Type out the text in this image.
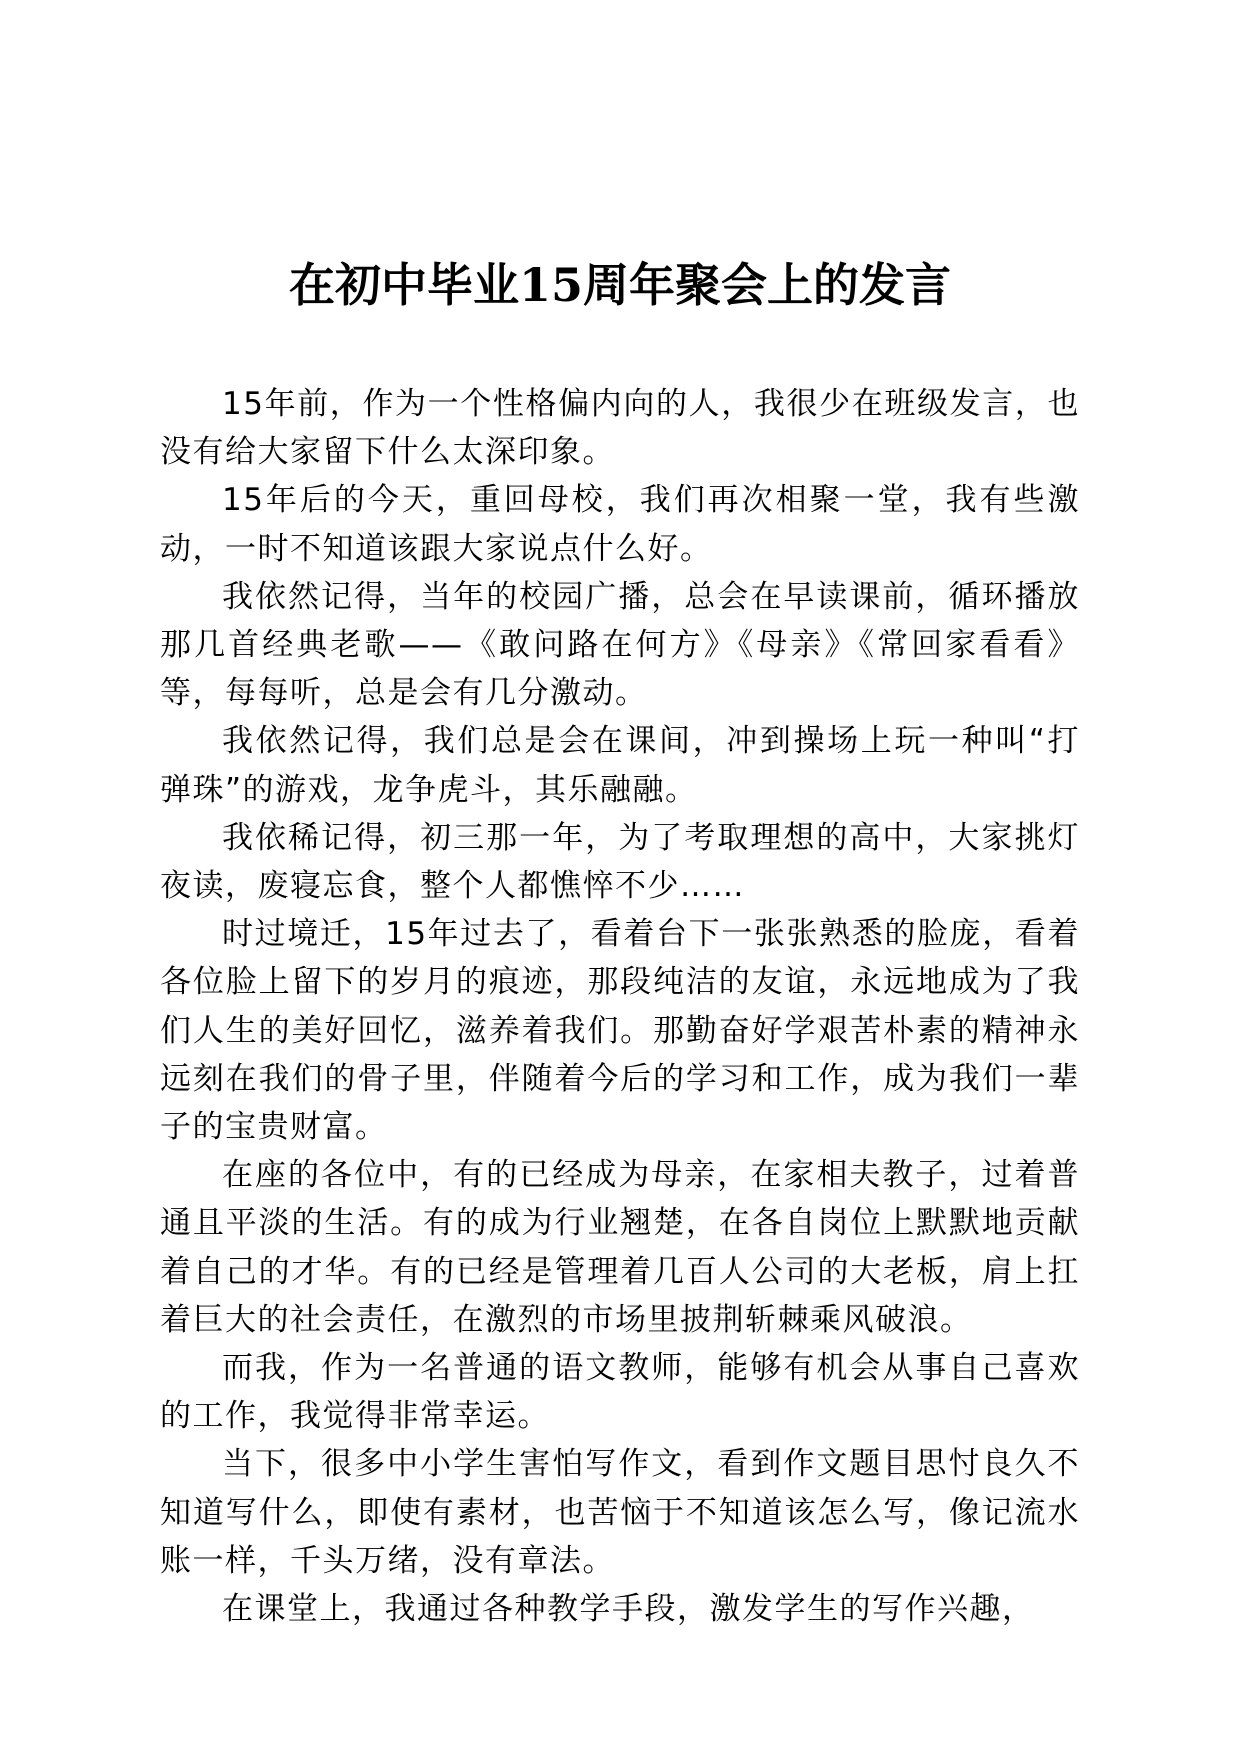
在初中毕业15周年聚会上的发言

15年前，作为一个性格偏内向的人，我很少在班级发言，也没有给大家留下什么太深印象。

15年后的今天，重回母校，我们再次相聚一堂，我有些激动，一时不知道该跟大家说点什么好。

我依然记得，当年的校园广播，总会在早读课前，循环播放那几首经典老歌——《敢问路在何方》《母亲》《常回家看看》等，每每听，总是会有几分激动。

我依然记得，我们总是会在课间，冲到操场上玩一种叫“打弹珠”的游戏，龙争虎斗，其乐融融。

我依稀记得，初三那一年，为了考取理想的高中，大家挑灯夜读，废寝忘食，整个人都憔悴不少……

时过境迁，15年过去了，看着台下一张张熟悉的脸庞，看着各位脸上留下的岁月的痕迹，那段纯洁的友谊，永远地成为了我们人生的美好回忆，滋养着我们。那勤奋好学艰苦朴素的精神永远刻在我们的骨子里，伴随着今后的学习和工作，成为我们一辈子的宝贵财富。

在座的各位中，有的已经成为母亲，在家相夫教子，过着普通且平淡的生活。有的成为行业翘楚，在各自岗位上默默地贡献着自己的才华。有的已经是管理着几百人公司的大老板，肩上扛着巨大的社会责任，在激烈的市场里披荆斩棘乘风破浪。

而我，作为一名普通的语文教师，能够有机会从事自己喜欢的工作，我觉得非常幸运。

当下，很多中小学生害怕写作文，看到作文题目思忖良久不知道写什么，即使有素材，也苦恼于不知道该怎么写，像记流水账一样，千头万绪，没有章法。

在课堂上，我通过各种教学手段，激发学生的写作兴趣，
